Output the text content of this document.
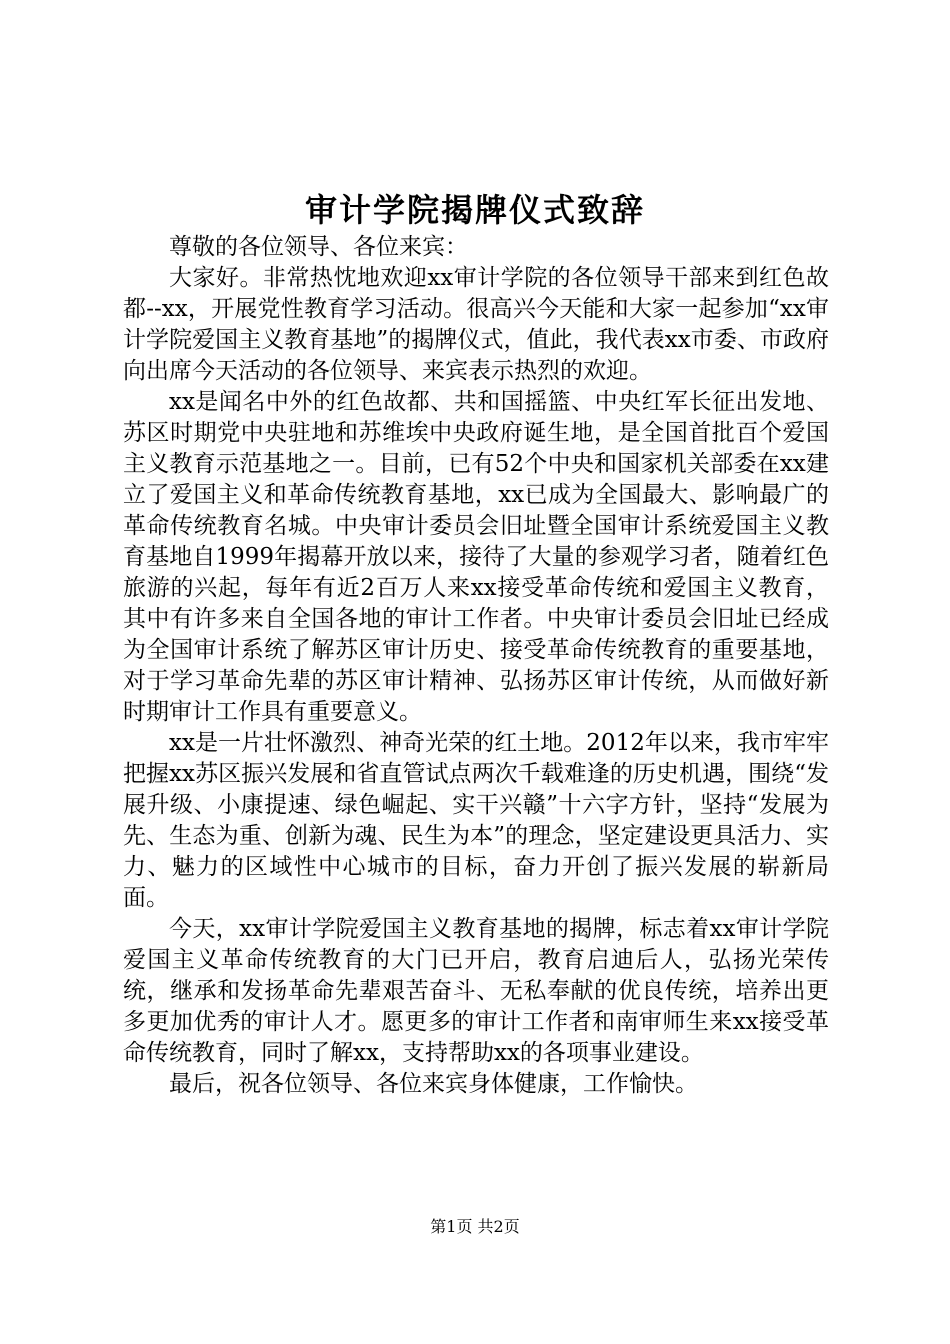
审计学院揭牌仪式致辞

尊敬的各位领导、各位来宾：

大家好。非常热忱地欢迎xx审计学院的各位领导干部来到红色故都--xx，开展党性教育学习活动。很高兴今天能和大家一起参加“xx审计学院爱国主义教育基地”的揭牌仪式，值此，我代表xx市委、市政府向出席今天活动的各位领导、来宾表示热烈的欢迎。

xx是闻名中外的红色故都、共和国摇篮、中央红军长征出发地、苏区时期党中央驻地和苏维埃中央政府诞生地，是全国首批百个爱国主义教育示范基地之一。目前，已有52个中央和国家机关部委在xx建立了爱国主义和革命传统教育基地，xx已成为全国最大、影响最广的革命传统教育名城。中央审计委员会旧址暨全国审计系统爱国主义教育基地自1999年揭幕开放以来，接待了大量的参观学习者，随着红色旅游的兴起，每年有近2百万人来xx接受革命传统和爱国主义教育，其中有许多来自全国各地的审计工作者。中央审计委员会旧址已经成为全国审计系统了解苏区审计历史、接受革命传统教育的重要基地，对于学习革命先辈的苏区审计精神、弘扬苏区审计传统，从而做好新时期审计工作具有重要意义。

xx是一片壮怀激烈、神奇光荣的红土地。2012年以来，我市牢牢把握xx苏区振兴发展和省直管试点两次千载难逢的历史机遇，围绕“发展升级、小康提速、绿色崛起、实干兴赣”十六字方针，坚持“发展为先、生态为重、创新为魂、民生为本”的理念，坚定建设更具活力、实力、魅力的区域性中心城市的目标，奋力开创了振兴发展的崭新局面。

今天，xx审计学院爱国主义教育基地的揭牌，标志着xx审计学院爱国主义革命传统教育的大门已开启，教育启迪后人，弘扬光荣传统，继承和发扬革命先辈艰苦奋斗、无私奉献的优良传统，培养出更多更加优秀的审计人才。愿更多的审计工作者和南审师生来xx接受革命传统教育，同时了解xx，支持帮助xx的各项事业建设。

最后，祝各位领导、各位来宾身体健康，工作愉快。

第1页 共2页
